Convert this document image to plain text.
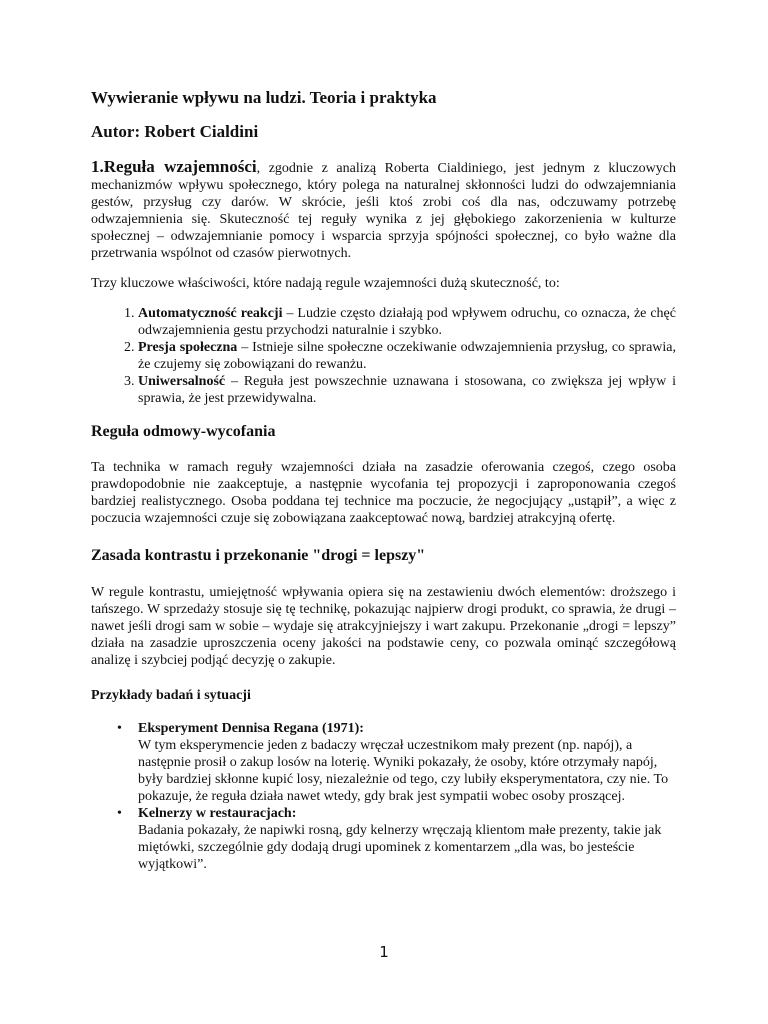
Wywieranie wpływu na ludzi. Teoria i praktyka
Autor: Robert Cialdini

1.Reguła wzajemności, zgodnie z analizą Roberta Cialdiniego, jest jednym z kluczowych mechanizmów wpływu społecznego, który polega na naturalnej skłonności ludzi do odwzajemniania gestów, przysług czy darów. W skrócie, jeśli ktoś zrobi coś dla nas, odczuwamy potrzebę odwzajemnienia się. Skuteczność tej reguły wynika z jej głębokiego zakorzenienia w kulturze społecznej – odwzajemnianie pomocy i wsparcia sprzyja spójności społecznej, co było ważne dla przetrwania wspólnot od czasów pierwotnych.

Trzy kluczowe właściwości, które nadają regule wzajemności dużą skuteczność, to:

1. Automatyczność reakcji – Ludzie często działają pod wpływem odruchu, co oznacza, że chęć odwzajemnienia gestu przychodzi naturalnie i szybko.
2. Presja społeczna – Istnieje silne społeczne oczekiwanie odwzajemnienia przysług, co sprawia, że czujemy się zobowiązani do rewanżu.
3. Uniwersalność – Reguła jest powszechnie uznawana i stosowana, co zwiększa jej wpływ i sprawia, że jest przewidywalna.
Reguła odmowy-wycofania

Ta technika w ramach reguły wzajemności działa na zasadzie oferowania czegoś, czego osoba prawdopodobnie nie zaakceptuje, a następnie wycofania tej propozycji i zaproponowania czegoś bardziej realistycznego. Osoba poddana tej technice ma poczucie, że negocjujący „ustąpił”, a więc z poczucia wzajemności czuje się zobowiązana zaakceptować nową, bardziej atrakcyjną ofertę.

Zasada kontrastu i przekonanie "drogi = lepszy"

W regule kontrastu, umiejętność wpływania opiera się na zestawieniu dwóch elementów: droższego i tańszego. W sprzedaży stosuje się tę technikę, pokazując najpierw drogi produkt, co sprawia, że drugi – nawet jeśli drogi sam w sobie – wydaje się atrakcyjniejszy i wart zakupu. Przekonanie „drogi = lepszy” działa na zasadzie uproszczenia oceny jakości na podstawie ceny, co pozwala ominąć szczegółową analizę i szybciej podjąć decyzję o zakupie.

Przykłady badań i sytuacji
• Eksperyment Dennisa Regana (1971):
W tym eksperymencie jeden z badaczy wręczał uczestnikom mały prezent (np. napój), a następnie prosił o zakup losów na loterię. Wyniki pokazały, że osoby, które otrzymały napój, były bardziej skłonne kupić losy, niezależnie od tego, czy lubiły eksperymentatora, czy nie. To pokazuje, że reguła działa nawet wtedy, gdy brak jest sympatii wobec osoby proszącej.
• Kelnerzy w restauracjach:
Badania pokazały, że napiwki rosną, gdy kelnerzy wręczają klientom małe prezenty, takie jak miętówki, szczególnie gdy dodają drugi upominek z komentarzem „dla was, bo jesteście wyjątkowi”.
1
